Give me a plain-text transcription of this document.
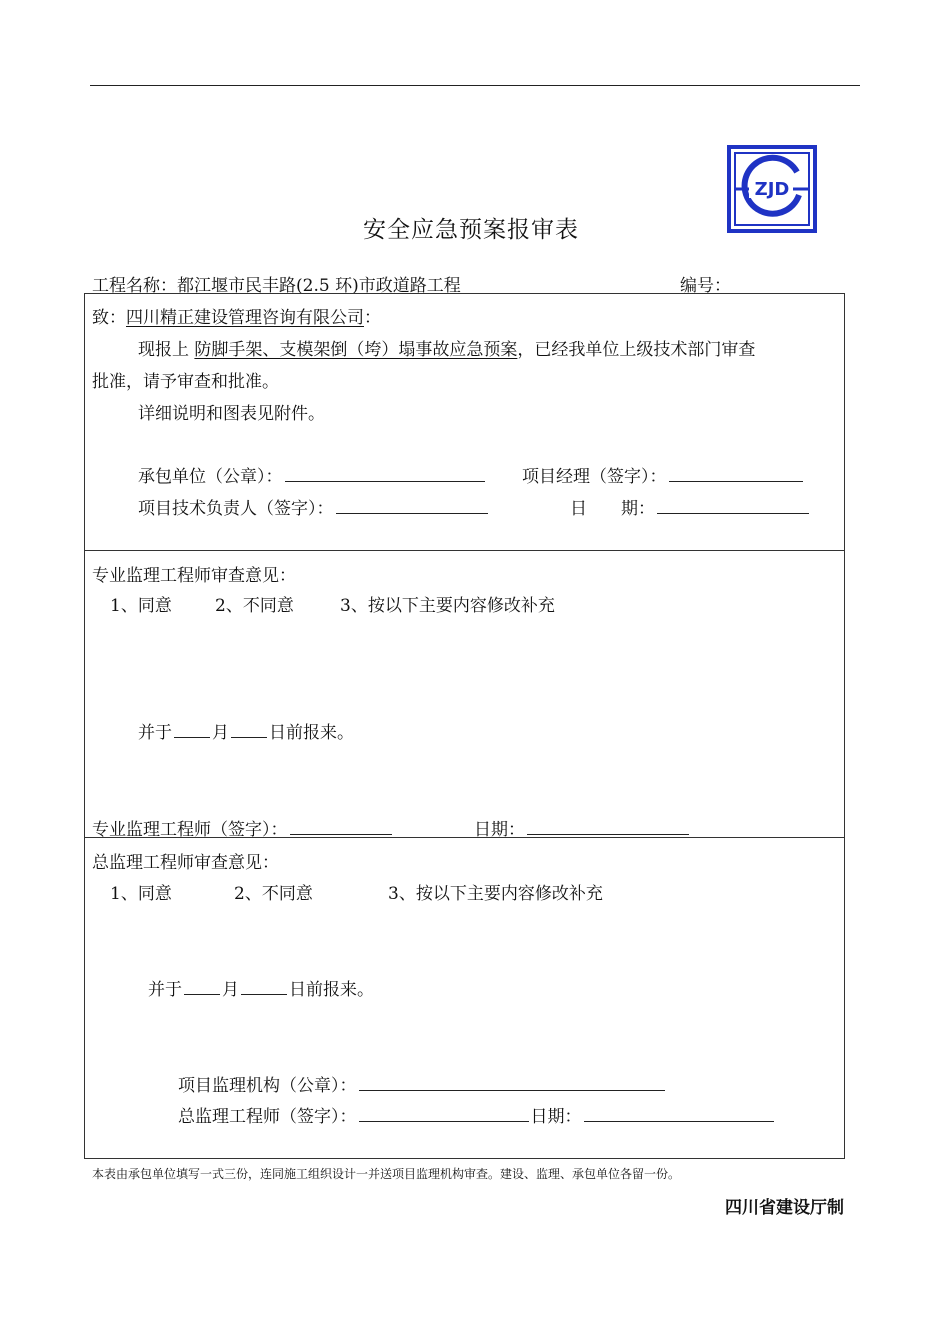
ZJD
安全应急预案报审表
工程名称：都江堰市民丰路(2.5 环)市政道路工程	编号：
致：四川精正建设管理咨询有限公司：
现报上 防脚手架、支模架倒（垮）塌事故应急预案，已经我单位上级技术部门审查
批准，请予审查和批准。
详细说明和图表见附件。
承包单位（公章）：	项目经理（签字）：
项目技术负责人（签字）：	日　　期：
专业监理工程师审查意见：
1、同意	2、不同意	3、按以下主要内容修改补充
并于 月 日前报来。
专业监理工程师（签字）：	日期：
总监理工程师审查意见：
1、同意	2、不同意	3、按以下主要内容修改补充
并于 月	日前报来。
项目监理机构（公章）：
总监理工程师（签字）：	日期：
本表由承包单位填写一式三份，连同施工组织设计一并送项目监理机构审查。建设、监理、承包单位各留一份。
四川省建设厅制
